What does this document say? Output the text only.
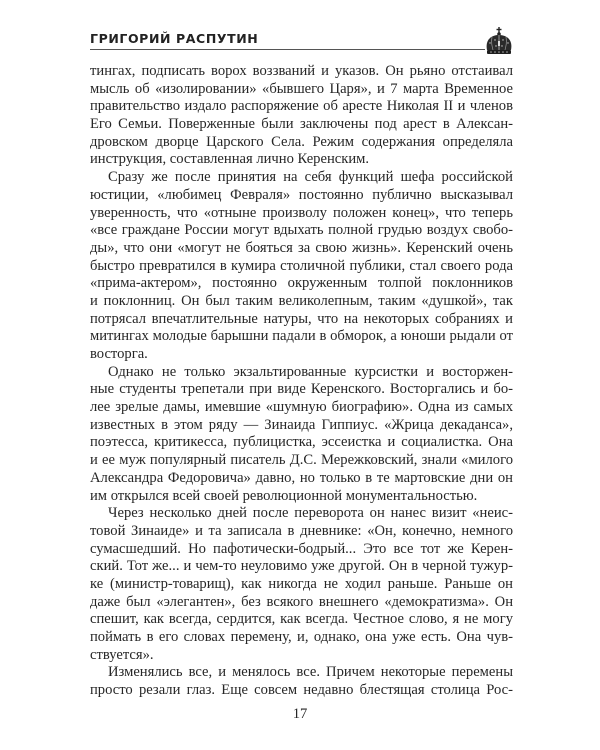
ГРИГОРИЙ РАСПУТИН
тингах, подписать ворох воззваний и указов. Он рьяно отстаивал
мысль об «изолировании» «бывшего Царя», и 7 марта Временное
правительство издало распоряжение об аресте Николая II и членов
Его Семьи. Поверженные были заключены под арест в Алексан-
дровском дворце Царского Села. Режим содержания определяла
инструкция, составленная лично Керенским.
Сразу же после принятия на себя функций шефа российской
юстиции, «любимец Февраля» постоянно публично высказывал
уверенность, что «отныне произволу положен конец», что теперь
«все граждане России могут вдыхать полной грудью воздух свобо-
ды», что они «могут не бояться за свою жизнь». Керенский очень
быстро превратился в кумира столичной публики, стал своего рода
«прима-актером», постоянно окруженным толпой поклонников
и поклонниц. Он был таким великолепным, таким «душкой», так
потрясал впечатлительные натуры, что на некоторых собраниях и
митингах молодые барышни падали в обморок, а юноши рыдали от
восторга.
Однако не только экзальтированные курсистки и восторжен-
ные студенты трепетали при виде Керенского. Восторгались и бо-
лее зрелые дамы, имевшие «шумную биографию». Одна из самых
известных в этом ряду — Зинаида Гиппиус. «Жрица декаданса»,
поэтесса, критикесса, публицистка, эссеистка и социалистка. Она
и ее муж популярный писатель Д.С. Мережковский, знали «милого
Александра Федоровича» давно, но только в те мартовские дни он
им открылся всей своей революционной монументальностью.
Через несколько дней после переворота он нанес визит «неис-
товой Зинаиде» и та записала в дневнике: «Он, конечно, немного
сумасшедший. Но пафотически-бодрый... Это все тот же Керен-
ский. Тот же... и чем-то неуловимо уже другой. Он в черной тужур-
ке (министр-товарищ), как никогда не ходил раньше. Раньше он
даже был «элегантен», без всякого внешнего «демократизма». Он
спешит, как всегда, сердится, как всегда. Честное слово, я не могу
поймать в его словах перемену, и, однако, она уже есть. Она чув-
ствуется».
Изменялись все, и менялось все. Причем некоторые перемены
просто резали глаз. Еще совсем недавно блестящая столица Рос-
17
